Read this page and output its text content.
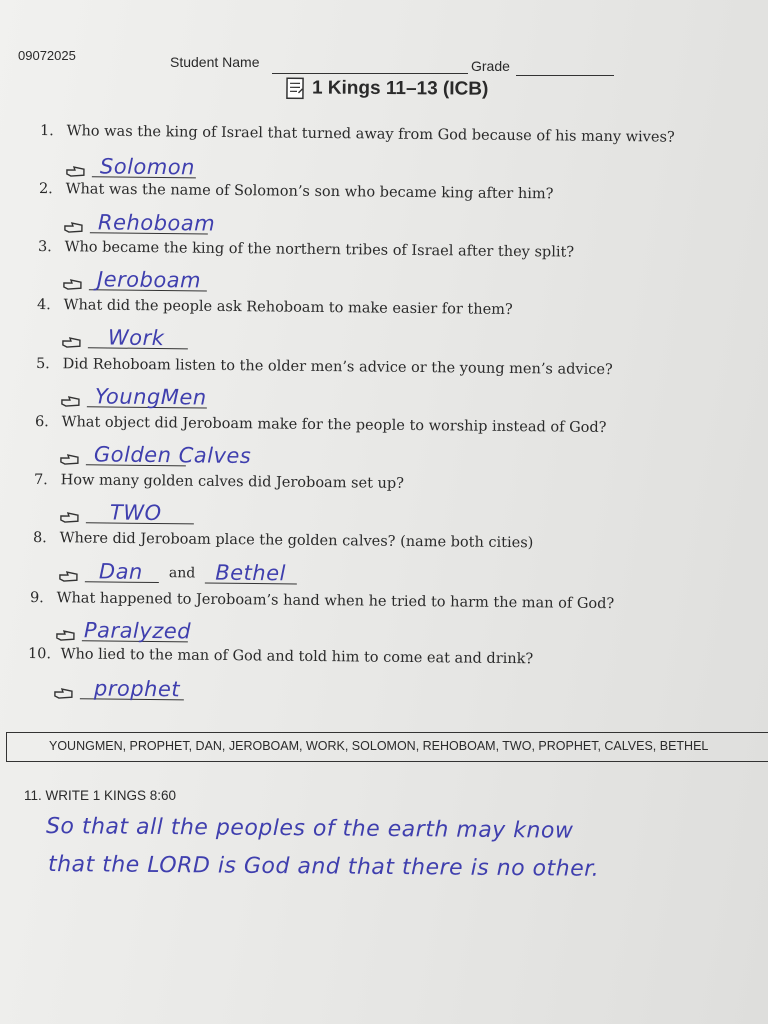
09072025	Student Name	Grade
1 Kings 11–13 (ICB)
1. Who was the king of Israel that turned away from God because of his many wives?
Solomon
2. What was the name of Solomon’s son who became king after him?
Rehoboam
3. Who became the king of the northern tribes of Israel after they split?
Jeroboam
4. What did the people ask Rehoboam to make easier for them?
Work
5. Did Rehoboam listen to the older men’s advice or the young men’s advice?
YoungMen
6. What object did Jeroboam make for the people to worship instead of God?
Golden Calves
7. How many golden calves did Jeroboam set up?
TWO
8. Where did Jeroboam place the golden calves? (name both cities)
Dan and Bethel
9. What happened to Jeroboam’s hand when he tried to harm the man of God?
Paralyzed
10. Who lied to the man of God and told him to come eat and drink?
prophet
YOUNGMEN, PROPHET, DAN, JEROBOAM, WORK, SOLOMON, REHOBOAM, TWO, PROPHET, CALVES, BETHEL
11. WRITE 1 KINGS 8:60
So that all the peoples of the earth may know
that the LORD is God and that there is no other.
